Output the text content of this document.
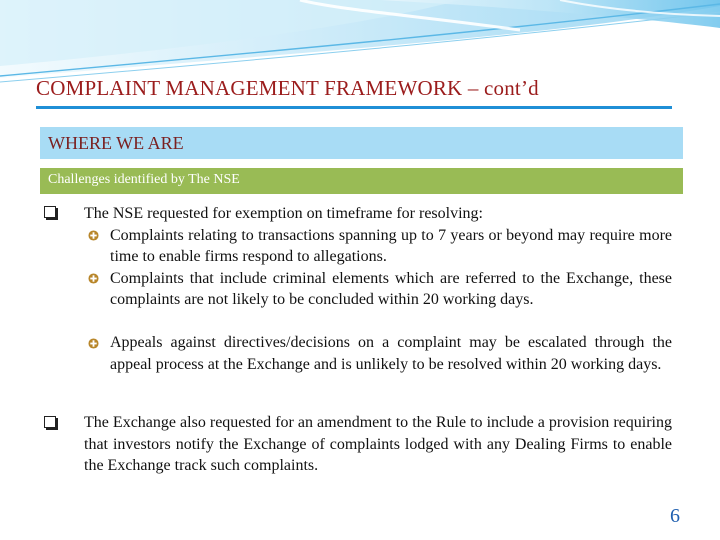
COMPLAINT MANAGEMENT FRAMEWORK – cont’d
WHERE WE ARE
Challenges identified by The NSE
The NSE requested for exemption on timeframe for resolving:
Complaints relating to transactions spanning up to 7 years or beyond may require more time to enable firms respond to allegations.
Complaints that include criminal elements which are referred to the Exchange, these complaints are not likely to be concluded within 20 working days.
Appeals against directives/decisions on a complaint may be escalated through the appeal process at the Exchange and is unlikely to be resolved within 20 working days.
The Exchange also requested for an amendment to the Rule to include a provision requiring that investors notify the Exchange of complaints lodged with any Dealing Firms to enable the Exchange track such complaints.
6
